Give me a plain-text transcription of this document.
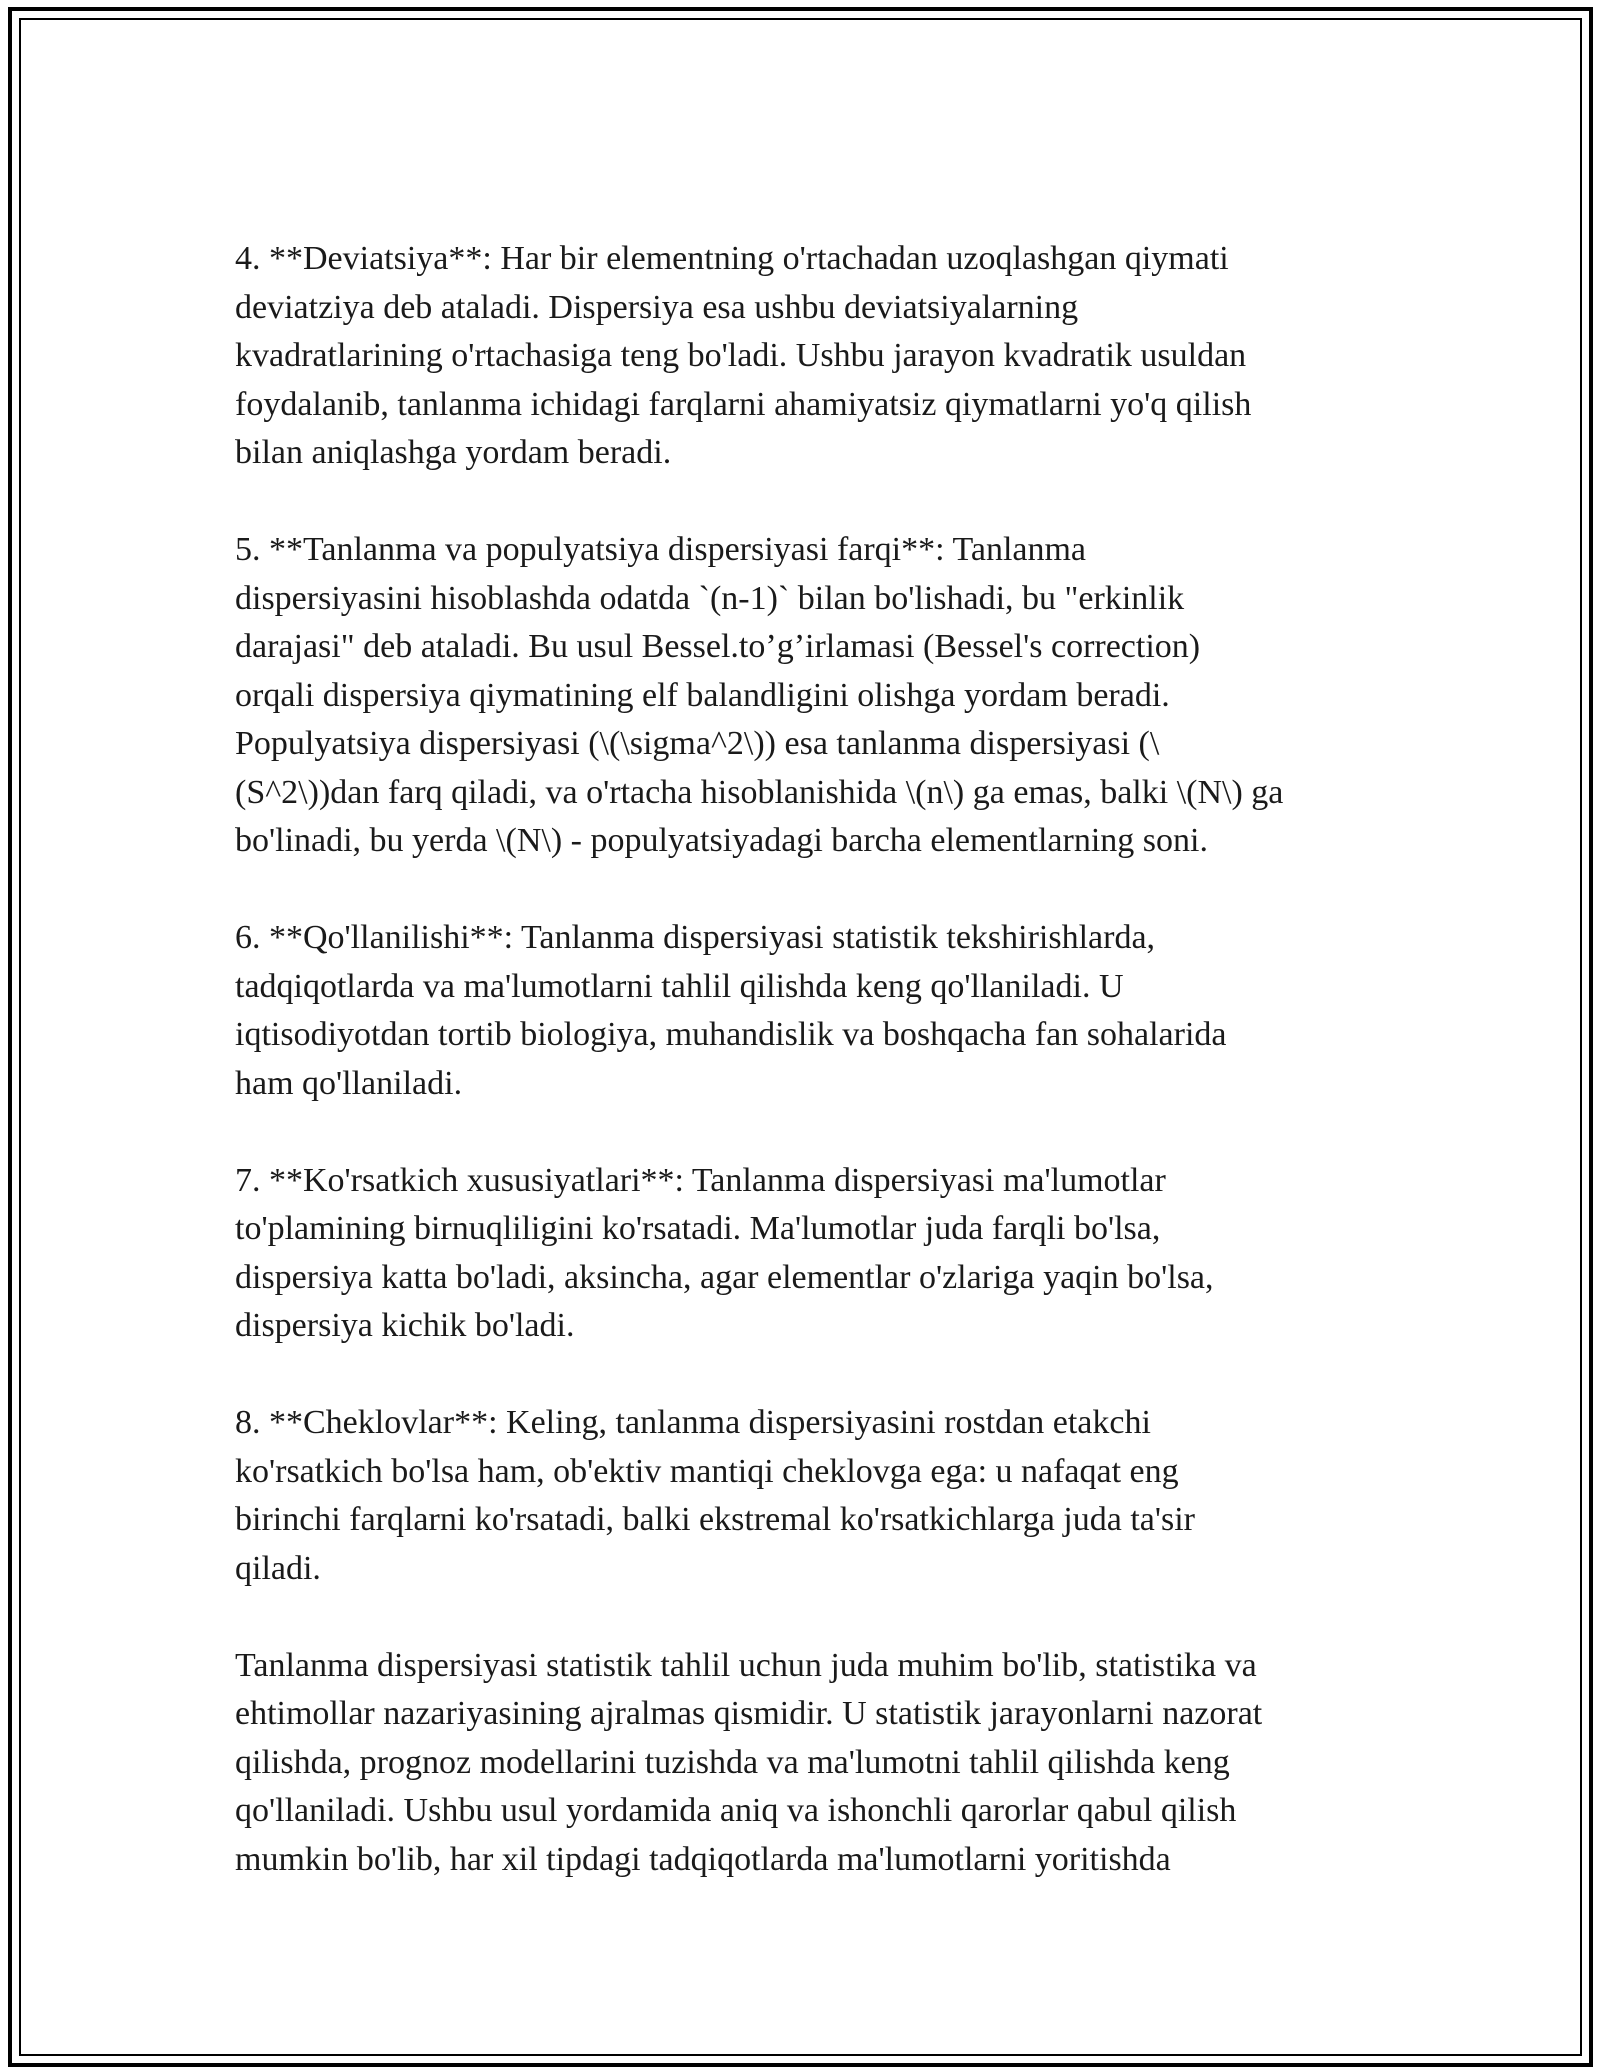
4. **Deviatsiya**: Har bir elementning o'rtachadan uzoqlashgan qiymati
deviatziya deb ataladi. Dispersiya esa ushbu deviatsiyalarning
kvadratlarining o'rtachasiga teng bo'ladi. Ushbu jarayon kvadratik usuldan
foydalanib, tanlanma ichidagi farqlarni ahamiyatsiz qiymatlarni yo'q qilish
bilan aniqlashga yordam beradi.

5. **Tanlanma va populyatsiya dispersiyasi farqi**: Tanlanma
dispersiyasini hisoblashda odatda `(n-1)` bilan bo'lishadi, bu "erkinlik
darajasi" deb ataladi. Bu usul Bessel.to’g’irlamasi (Bessel's correction)
orqali dispersiya qiymatining elf balandligini olishga yordam beradi.
Populyatsiya dispersiyasi (\(\sigma^2\)) esa tanlanma dispersiyasi (\
(S^2\))dan farq qiladi, va o'rtacha hisoblanishida \(n\) ga emas, balki \(N\) ga
bo'linadi, bu yerda \(N\) - populyatsiyadagi barcha elementlarning soni.

6. **Qo'llanilishi**: Tanlanma dispersiyasi statistik tekshirishlarda,
tadqiqotlarda va ma'lumotlarni tahlil qilishda keng qo'llaniladi. U
iqtisodiyotdan tortib biologiya, muhandislik va boshqacha fan sohalarida
ham qo'llaniladi.

7. **Ko'rsatkich xususiyatlari**: Tanlanma dispersiyasi ma'lumotlar
to'plamining birnuqliligini ko'rsatadi. Ma'lumotlar juda farqli bo'lsa,
dispersiya katta bo'ladi, aksincha, agar elementlar o'zlariga yaqin bo'lsa,
dispersiya kichik bo'ladi.

8. **Cheklovlar**: Keling, tanlanma dispersiyasini rostdan etakchi
ko'rsatkich bo'lsa ham, ob'ektiv mantiqi cheklovga ega: u nafaqat eng
birinchi farqlarni ko'rsatadi, balki ekstremal ko'rsatkichlarga juda ta'sir
qiladi.

Tanlanma dispersiyasi statistik tahlil uchun juda muhim bo'lib, statistika va
ehtimollar nazariyasining ajralmas qismidir. U statistik jarayonlarni nazorat
qilishda, prognoz modellarini tuzishda va ma'lumotni tahlil qilishda keng
qo'llaniladi. Ushbu usul yordamida aniq va ishonchli qarorlar qabul qilish
mumkin bo'lib, har xil tipdagi tadqiqotlarda ma'lumotlarni yoritishda
